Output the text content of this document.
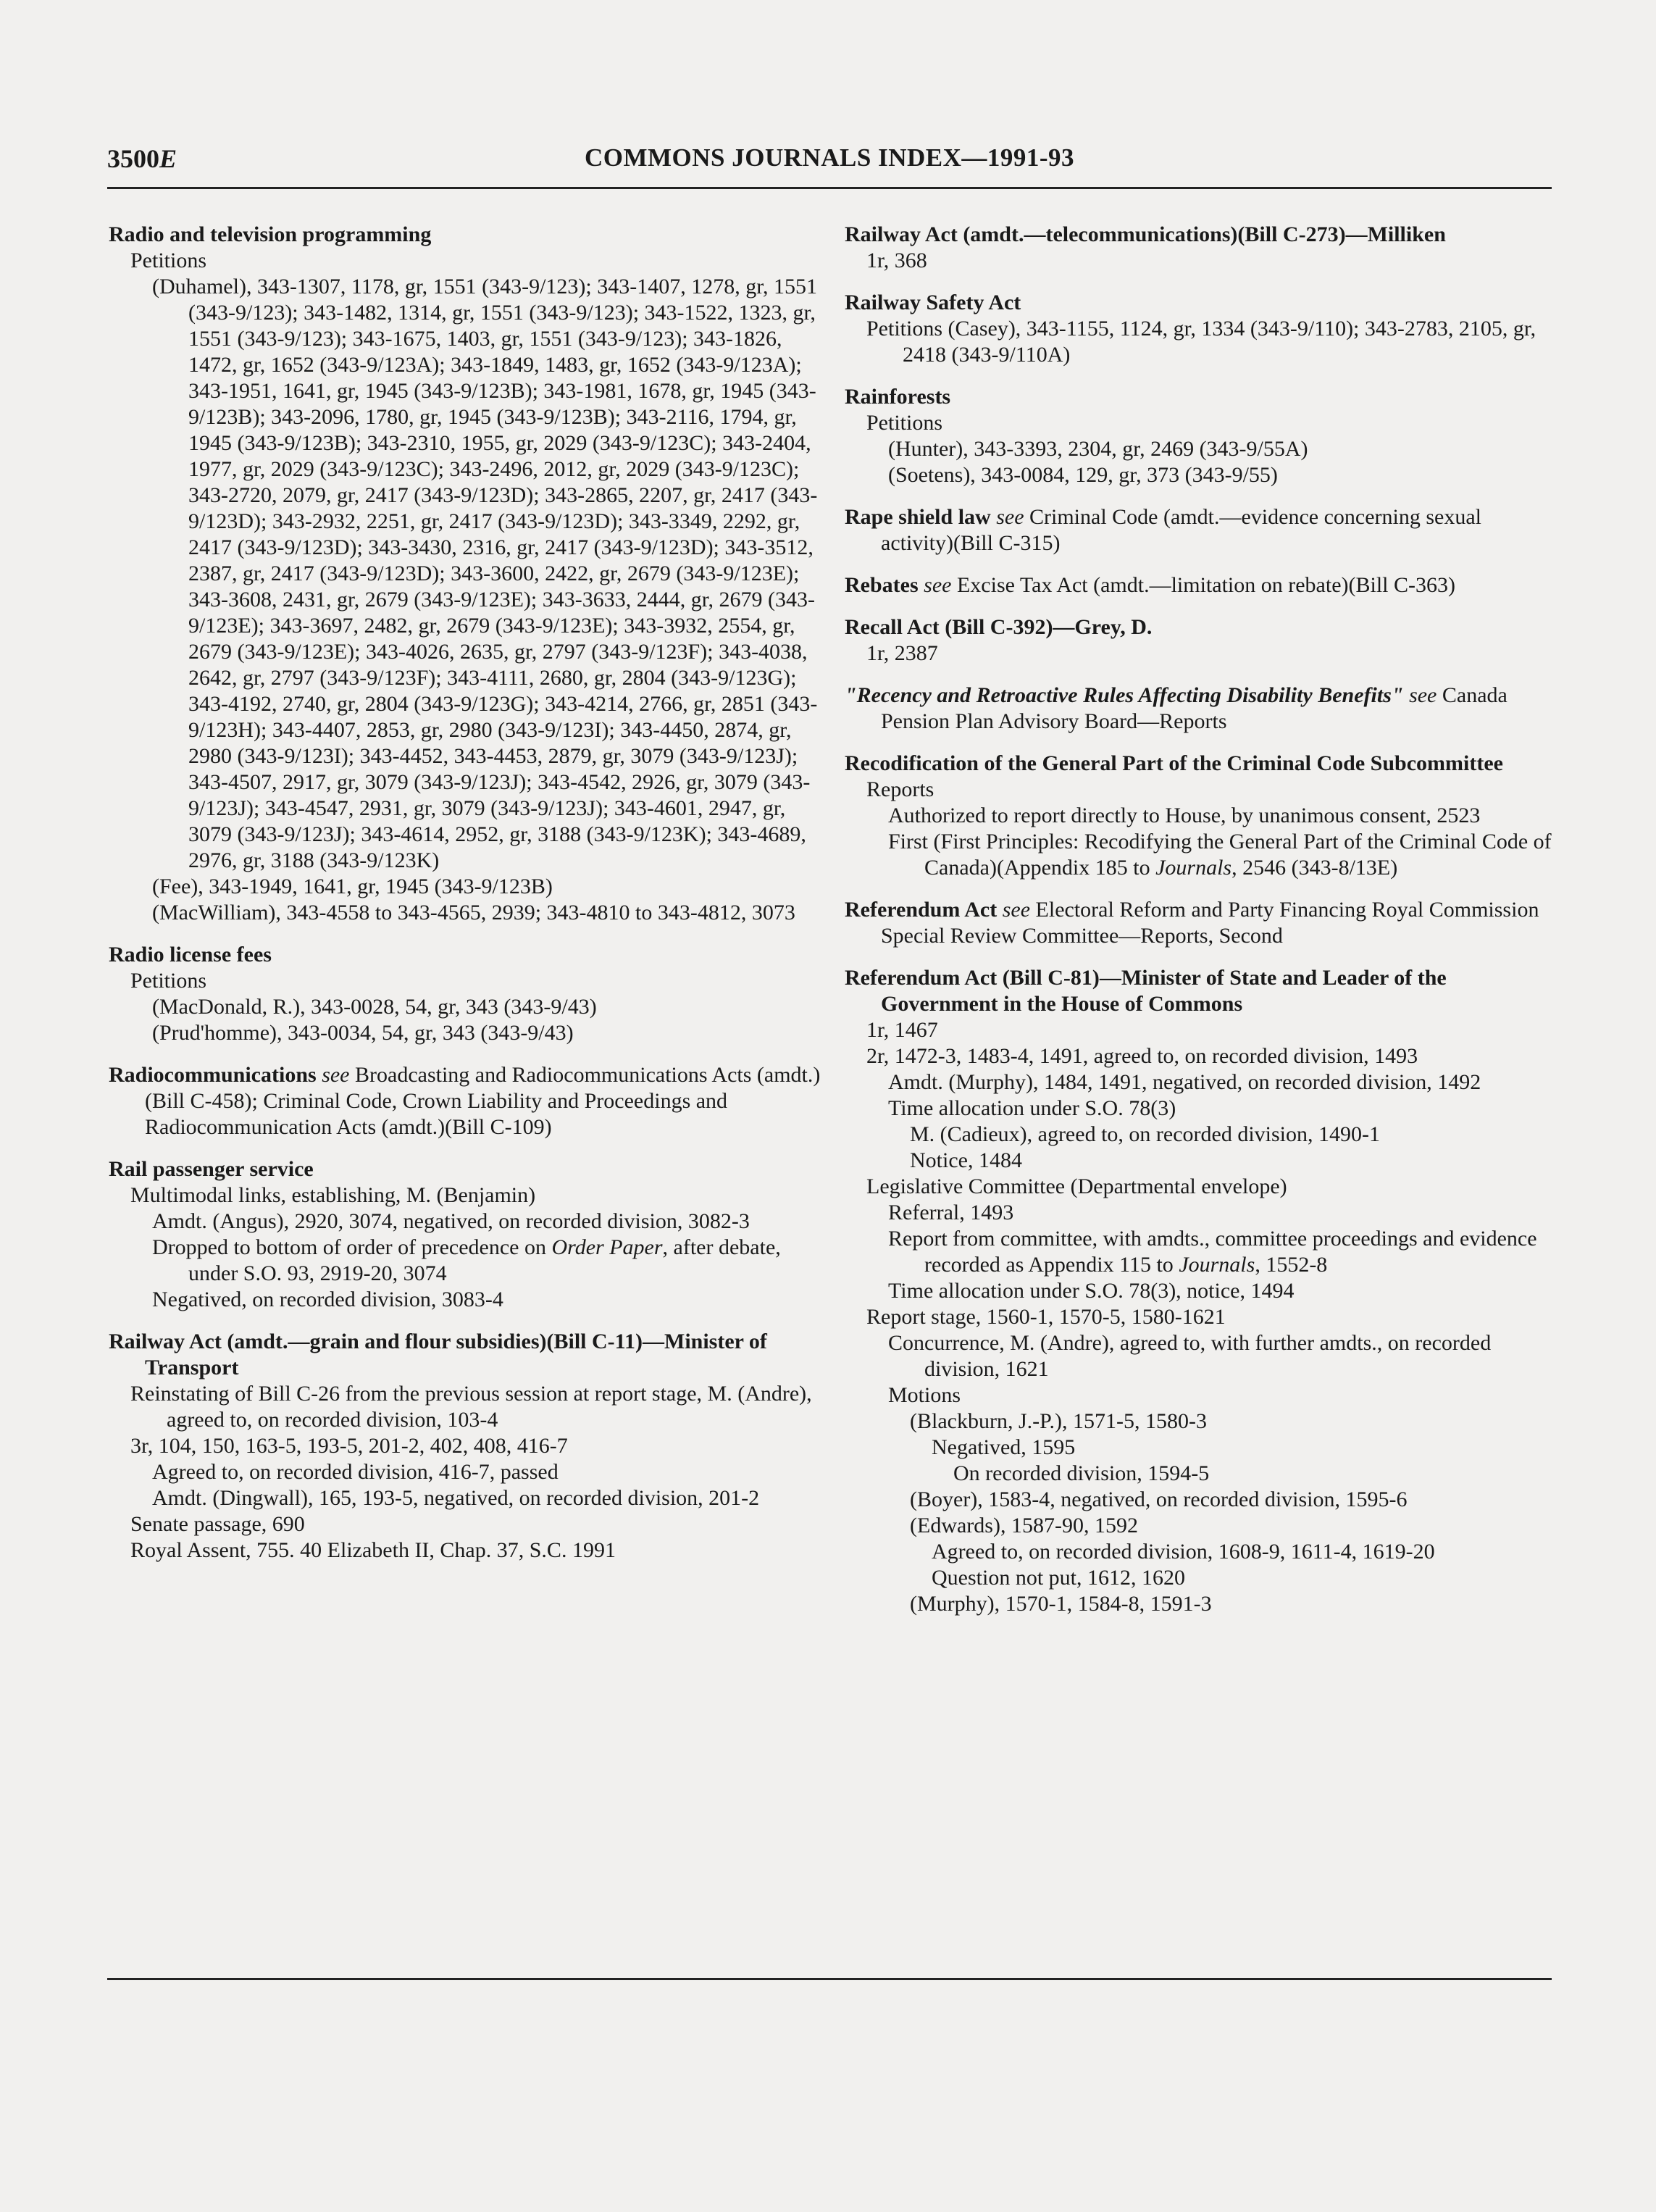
3500E	COMMONS JOURNALS INDEX—1991-93
Radio and television programming
Petitions
(Duhamel), 343-1307, 1178, gr, 1551 (343-9/123); 343-1407, 1278, gr, 1551 (343-9/123); 343-1482, 1314, gr, 1551 (343-9/123); 343-1522, 1323, gr, 1551 (343-9/123); 343-1675, 1403, gr, 1551 (343-9/123); 343-1826, 1472, gr, 1652 (343-9/123A); 343-1849, 1483, gr, 1652 (343-9/123A); 343-1951, 1641, gr, 1945 (343-9/123B); 343-1981, 1678, gr, 1945 (343-9/123B); 343-2096, 1780, gr, 1945 (343-9/123B); 343-2116, 1794, gr, 1945 (343-9/123B); 343-2310, 1955, gr, 2029 (343-9/123C); 343-2404, 1977, gr, 2029 (343-9/123C); 343-2496, 2012, gr, 2029 (343-9/123C); 343-2720, 2079, gr, 2417 (343-9/123D); 343-2865, 2207, gr, 2417 (343-9/123D); 343-2932, 2251, gr, 2417 (343-9/123D); 343-3349, 2292, gr, 2417 (343-9/123D); 343-3430, 2316, gr, 2417 (343-9/123D); 343-3512, 2387, gr, 2417 (343-9/123D); 343-3600, 2422, gr, 2679 (343-9/123E); 343-3608, 2431, gr, 2679 (343-9/123E); 343-3633, 2444, gr, 2679 (343-9/123E); 343-3697, 2482, gr, 2679 (343-9/123E); 343-3932, 2554, gr, 2679 (343-9/123E); 343-4026, 2635, gr, 2797 (343-9/123F); 343-4038, 2642, gr, 2797 (343-9/123F); 343-4111, 2680, gr, 2804 (343-9/123G); 343-4192, 2740, gr, 2804 (343-9/123G); 343-4214, 2766, gr, 2851 (343-9/123H); 343-4407, 2853, gr, 2980 (343-9/123I); 343-4450, 2874, gr, 2980 (343-9/123I); 343-4452, 343-4453, 2879, gr, 3079 (343-9/123J); 343-4507, 2917, gr, 3079 (343-9/123J); 343-4542, 2926, gr, 3079 (343-9/123J); 343-4547, 2931, gr, 3079 (343-9/123J); 343-4601, 2947, gr, 3079 (343-9/123J); 343-4614, 2952, gr, 3188 (343-9/123K); 343-4689, 2976, gr, 3188 (343-9/123K)
(Fee), 343-1949, 1641, gr, 1945 (343-9/123B)
(MacWilliam), 343-4558 to 343-4565, 2939; 343-4810 to 343-4812, 3073
Radio license fees
Petitions
(MacDonald, R.), 343-0028, 54, gr, 343 (343-9/43)
(Prud'homme), 343-0034, 54, gr, 343 (343-9/43)
Radiocommunications see Broadcasting and Radiocommunications Acts (amdt.) (Bill C-458); Criminal Code, Crown Liability and Proceedings and Radiocommunication Acts (amdt.)(Bill C-109)
Rail passenger service
Multimodal links, establishing, M. (Benjamin)
Amdt. (Angus), 2920, 3074, negatived, on recorded division, 3082-3
Dropped to bottom of order of precedence on Order Paper, after debate, under S.O. 93, 2919-20, 3074
Negatived, on recorded division, 3083-4
Railway Act (amdt.—grain and flour subsidies)(Bill C-11)—Minister of Transport
Reinstating of Bill C-26 from the previous session at report stage, M. (Andre), agreed to, on recorded division, 103-4
3r, 104, 150, 163-5, 193-5, 201-2, 402, 408, 416-7
Agreed to, on recorded division, 416-7, passed
Amdt. (Dingwall), 165, 193-5, negatived, on recorded division, 201-2
Senate passage, 690
Royal Assent, 755. 40 Elizabeth II, Chap. 37, S.C. 1991
Railway Act (amdt.—telecommunications)(Bill C-273)—Milliken
1r, 368
Railway Safety Act
Petitions (Casey), 343-1155, 1124, gr, 1334 (343-9/110); 343-2783, 2105, gr, 2418 (343-9/110A)
Rainforests
Petitions
(Hunter), 343-3393, 2304, gr, 2469 (343-9/55A)
(Soetens), 343-0084, 129, gr, 373 (343-9/55)
Rape shield law see Criminal Code (amdt.—evidence concerning sexual activity)(Bill C-315)
Rebates see Excise Tax Act (amdt.—limitation on rebate)(Bill C-363)
Recall Act (Bill C-392)—Grey, D.
1r, 2387
"Recency and Retroactive Rules Affecting Disability Benefits" see Canada Pension Plan Advisory Board—Reports
Recodification of the General Part of the Criminal Code Subcommittee
Reports
Authorized to report directly to House, by unanimous consent, 2523
First (First Principles: Recodifying the General Part of the Criminal Code of Canada)(Appendix 185 to Journals, 2546 (343-8/13E)
Referendum Act see Electoral Reform and Party Financing Royal Commission Special Review Committee—Reports, Second
Referendum Act (Bill C-81)—Minister of State and Leader of the Government in the House of Commons
1r, 1467
2r, 1472-3, 1483-4, 1491, agreed to, on recorded division, 1493
Amdt. (Murphy), 1484, 1491, negatived, on recorded division, 1492
Time allocation under S.O. 78(3)
M. (Cadieux), agreed to, on recorded division, 1490-1
Notice, 1484
Legislative Committee (Departmental envelope)
Referral, 1493
Report from committee, with amdts., committee proceedings and evidence recorded as Appendix 115 to Journals, 1552-8
Time allocation under S.O. 78(3), notice, 1494
Report stage, 1560-1, 1570-5, 1580-1621
Concurrence, M. (Andre), agreed to, with further amdts., on recorded division, 1621
Motions
(Blackburn, J.-P.), 1571-5, 1580-3
Negatived, 1595
On recorded division, 1594-5
(Boyer), 1583-4, negatived, on recorded division, 1595-6
(Edwards), 1587-90, 1592
Agreed to, on recorded division, 1608-9, 1611-4, 1619-20
Question not put, 1612, 1620
(Murphy), 1570-1, 1584-8, 1591-3
